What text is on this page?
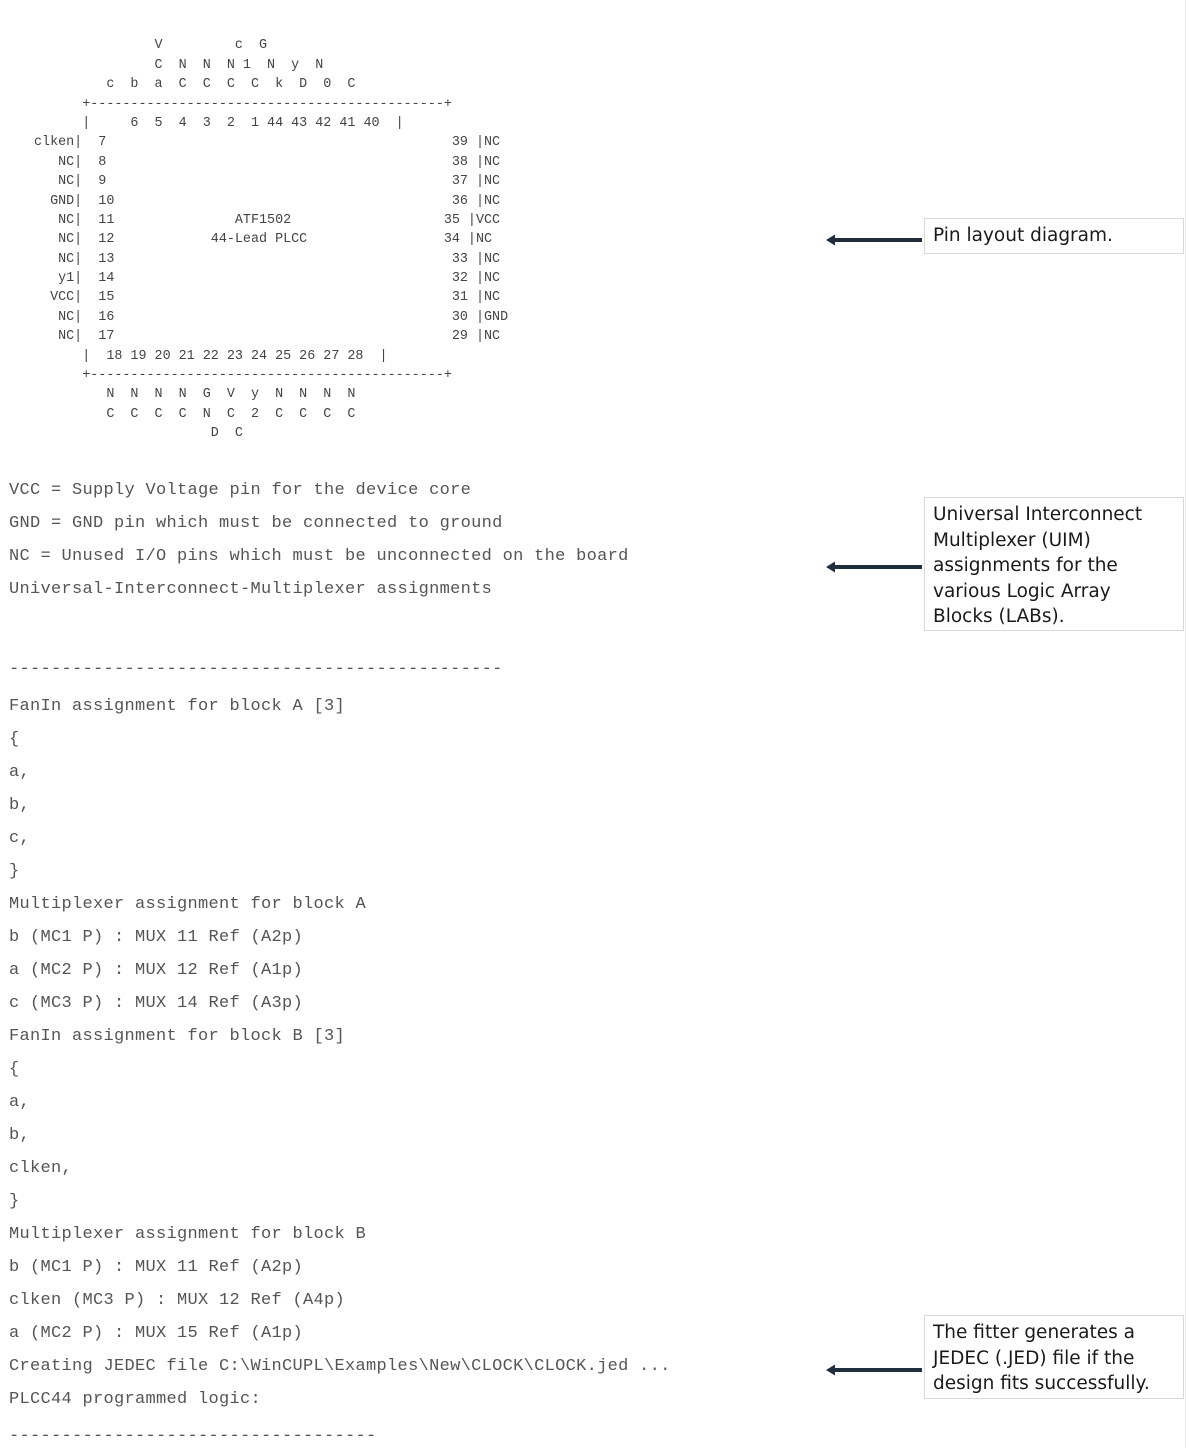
V         c  G
C  N  N  N 1  N  y  N
c  b  a  C  C  C  C  k  D  0  C
+--------------------------------------------+
|     6  5  4  3  2  1 44 43 42 41 40  |
clken|  7                                           39 |NC
NC|  8                                           38 |NC
NC|  9                                           37 |NC
GND|  10                                          36 |NC
NC|  11               ATF1502                   35 |VCC
NC|  12            44-Lead PLCC                 34 |NC
NC|  13                                          33 |NC
y1|  14                                          32 |NC
VCC|  15                                          31 |NC
NC|  16                                          30 |GND
NC|  17                                          29 |NC
|  18 19 20 21 22 23 24 25 26 27 28  |
+--------------------------------------------+
N  N  N  N  G  V  y  N  N  N  N
C  C  C  C  N  C  2  C  C  C  C
D  C
VCC = Supply Voltage pin for the device core
GND = GND pin which must be connected to ground
NC = Unused I/O pins which must be unconnected on the board
Universal-Interconnect-Multiplexer assignments
-----------------------------------------------
FanIn assignment for block A [3]
{
a,
b,
c,
}
Multiplexer assignment for block A
b (MC1 P) : MUX 11 Ref (A2p)
a (MC2 P) : MUX 12 Ref (A1p)
c (MC3 P) : MUX 14 Ref (A3p)
FanIn assignment for block B [3]
{
a,
b,
clken,
}
Multiplexer assignment for block B
b (MC1 P) : MUX 11 Ref (A2p)
clken (MC3 P) : MUX 12 Ref (A4p)
a (MC2 P) : MUX 15 Ref (A1p)
Creating JEDEC file C:\WinCUPL\Examples\New\CLOCK\CLOCK.jed ...
PLCC44 programmed logic:
-----------------------------------
Pin layout diagram.
Universal Interconnect Multiplexer (UIM) assignments for the various Logic Array Blocks (LABs).
The fitter generates a JEDEC (.JED) file if the design fits successfully.
